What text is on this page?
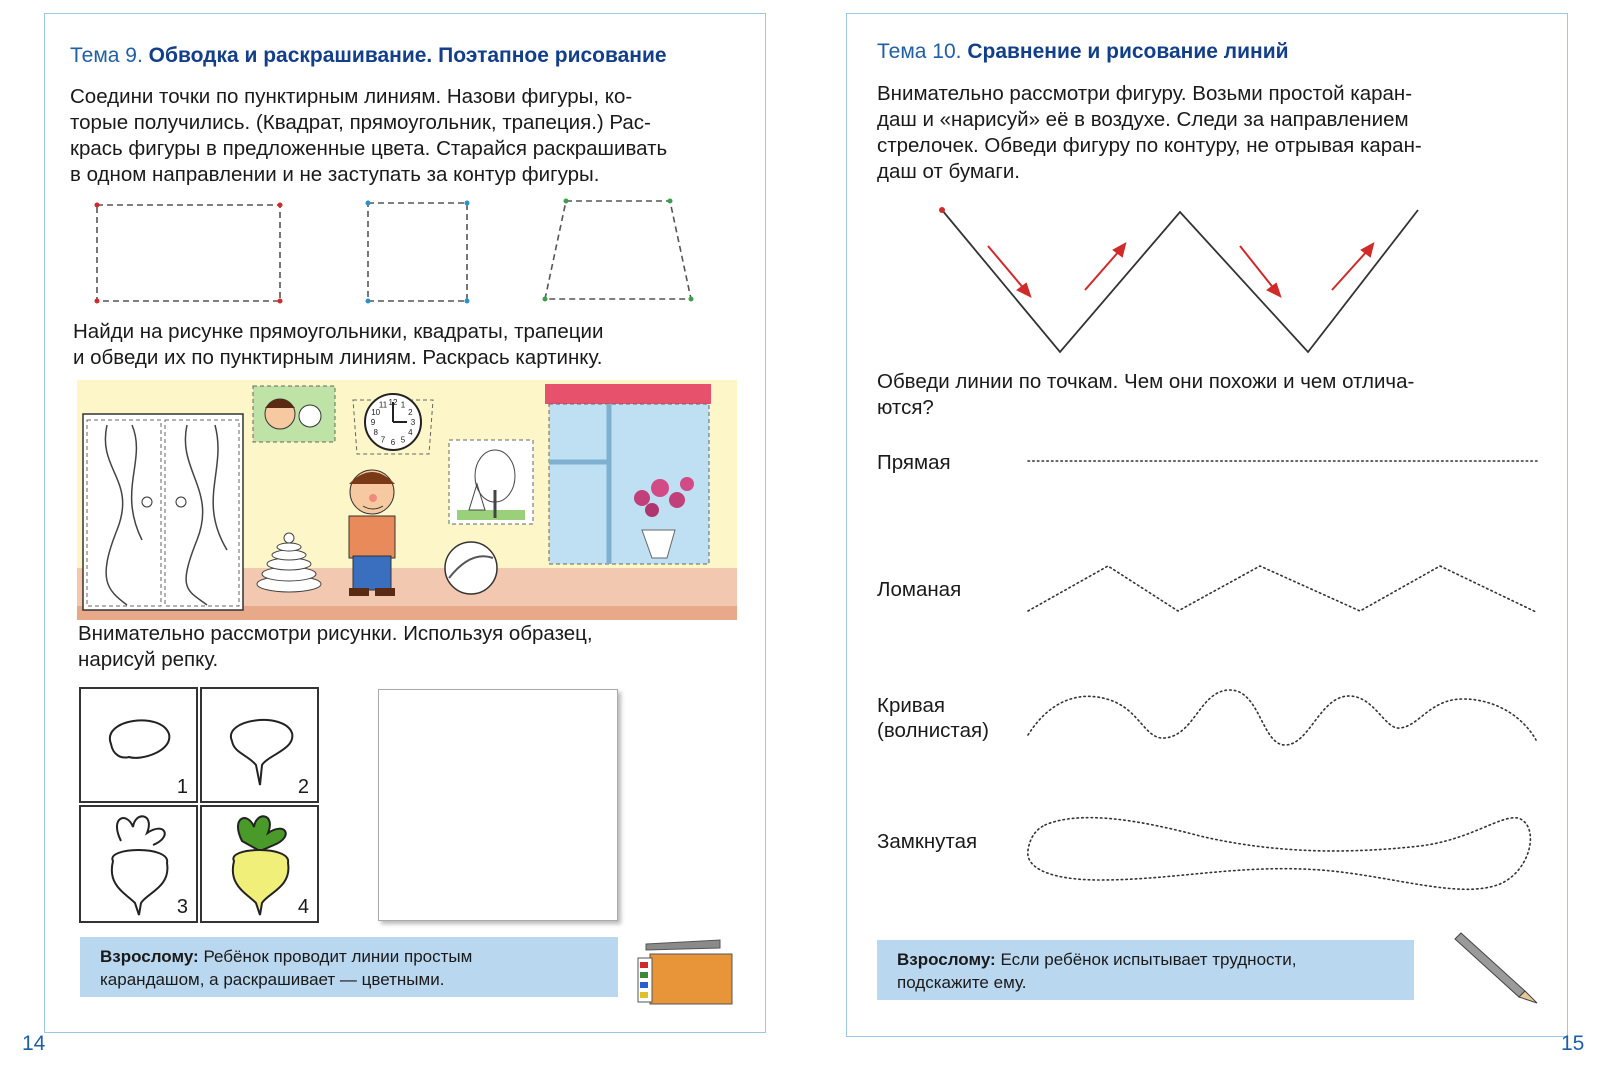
Тема 9. Обводка и раскрашивание. Поэтапное рисование
Соедини точки по пунктирным линиям. Назови фигуры, ко-
торые получились. (Квадрат, прямоугольник, трапеция.) Рас-
крась фигуры в предложенные цвета. Старайся раскрашивать
в одном направлении и не заступать за контур фигуры.
Найди на рисунке прямоугольники, квадраты, трапеции
и обведи их по пунктирным линиям. Раскрась картинку.
12 1
2
3
4
5
6
7
8
9
10
11
Внимательно рассмотри рисунки. Используя образец,
нарисуй репку.
1	2
3	4
Взрослому: Ребёнок проводит линии простым
карандашом, а раскрашивает — цветными.
14
Тема 10. Сравнение и рисование линий
Внимательно рассмотри фигуру. Возьми простой каран-
даш и «нарисуй» её в воздухе. Следи за направлением
стрелочек. Обведи фигуру по контуру, не отрывая каран-
даш от бумаги.
Обведи линии по точкам. Чем они похожи и чем отлича-
ются?
Прямая
Ломаная
Кривая
(волнистая)
Замкнутая
Взрослому: Если ребёнок испытывает трудности,
подскажите ему.
15
